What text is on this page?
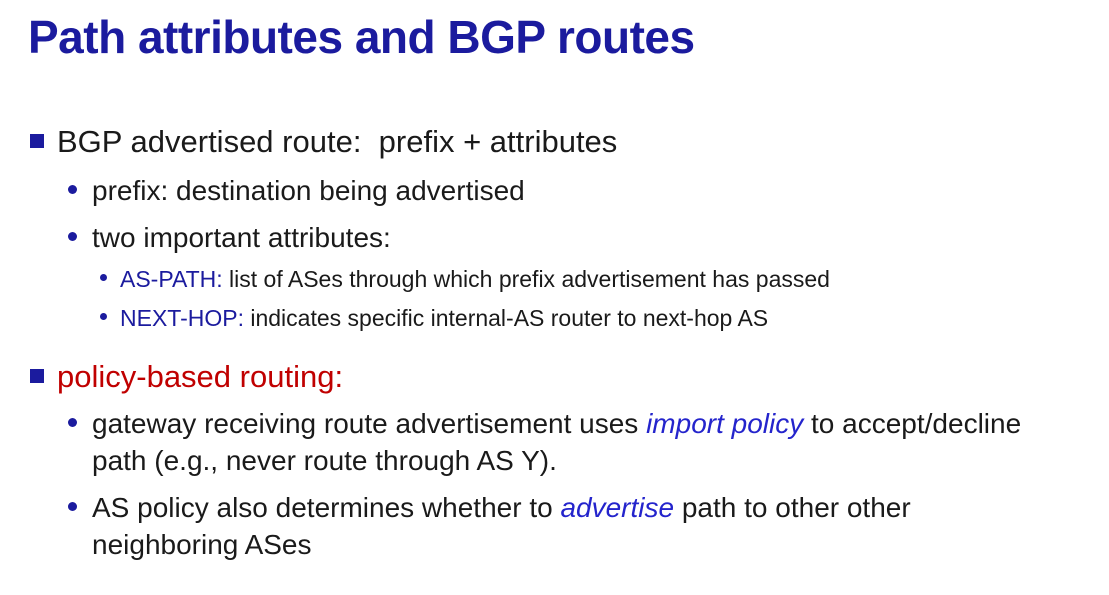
Path attributes and BGP routes
BGP advertised route:  prefix + attributes
prefix: destination being advertised
two important attributes:
AS-PATH: list of ASes through which prefix advertisement has passed
NEXT-HOP: indicates specific internal-AS router to next-hop AS
policy-based routing:
gateway receiving route advertisement uses import policy to accept/decline path (e.g., never route through AS Y).
AS policy also determines whether to advertise path to other other neighboring ASes
